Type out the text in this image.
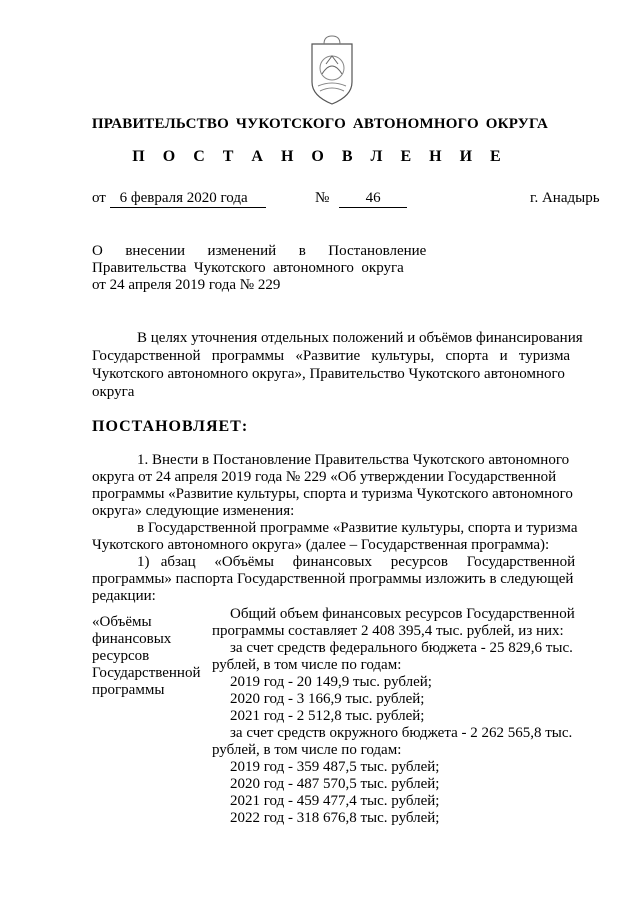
ПРАВИТЕЛЬСТВО ЧУКОТСКОГО АВТОНОМНОГО ОКРУГА
П О С Т А Н О В Л Е Н И Е
от 6 февраля 2020 года	№ 46	г. Анадырь
О      внесении      изменений      в      Постановление
Правительства  Чукотского  автономного  округа
от 24 апреля 2019 года № 229
В целях уточнения отдельных положений и объёмов финансирования
Государственной   программы   «Развитие   культуры,   спорта   и   туризма
Чукотского автономного округа», Правительство Чукотского автономного
округа
ПОСТАНОВЛЯЕТ:
1. Внести в Постановление Правительства Чукотского автономного
округа от 24 апреля 2019 года № 229 «Об утверждении Государственной
программы «Развитие культуры, спорта и туризма Чукотского автономного
округа» следующие изменения:
в Государственной программе «Развитие культуры, спорта и туризма
Чукотского автономного округа» (далее – Государственная программа):
1)   абзац     «Объёмы     финансовых     ресурсов     Государственной
программы» паспорта Государственной программы изложить в следующей
редакции:
«Объёмы
финансовых
ресурсов
Государственной
программы
Общий объем финансовых ресурсов Государственной
программы составляет 2 408 395,4 тыс. рублей, из них:
за счет средств федерального бюджета - 25 829,6 тыс.
рублей, в том числе по годам:
2019 год - 20 149,9 тыс. рублей;
2020 год - 3 166,9 тыс. рублей;
2021 год - 2 512,8 тыс. рублей;
за счет средств окружного бюджета - 2 262 565,8 тыс.
рублей, в том числе по годам:
2019 год - 359 487,5 тыс. рублей;
2020 год - 487 570,5 тыс. рублей;
2021 год - 459 477,4 тыс. рублей;
2022 год - 318 676,8 тыс. рублей;
